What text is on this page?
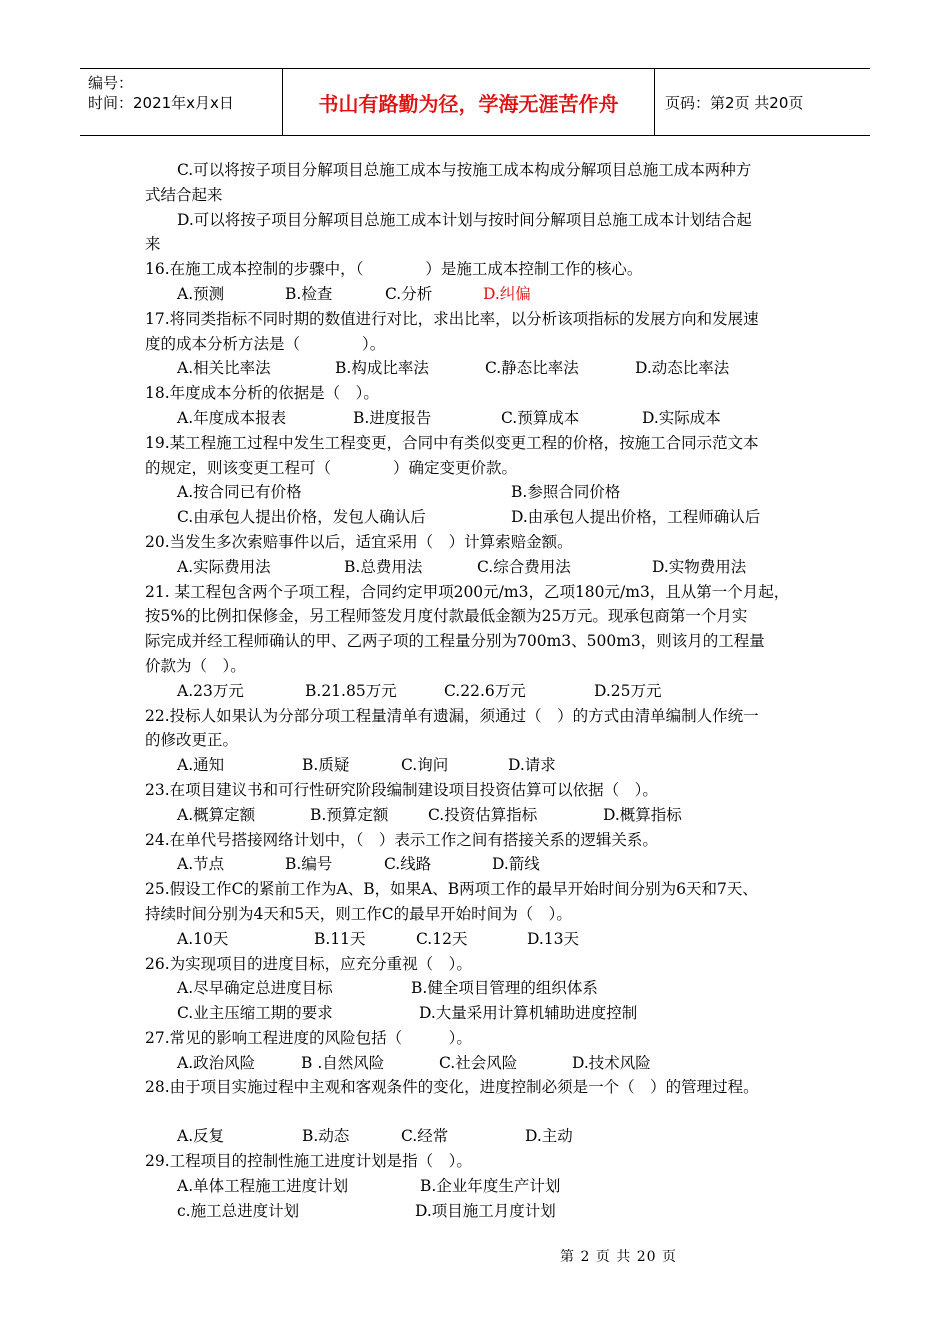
编号：
时间：2021年x月x日	书山有路勤为径，学海无涯苦作舟	页码：第2页 共20页

C.可以将按子项目分解项目总施工成本与按施工成本构成分解项目总施工成本两种方

式结合起来

D.可以将按子项目分解项目总施工成本计划与按时间分解项目总施工成本计划结合起

来

16.在施工成本控制的步骤中，（　　　　）是施工成本控制工作的核心。

A.预测	B.检查	C.分析	D.纠偏

17.将同类指标不同时期的数值进行对比，求出比率，以分析该项指标的发展方向和发展速

度的成本分析方法是（　　　　）。

A.相关比率法	B.构成比率法	C.静态比率法	D.动态比率法

18.年度成本分析的依据是（　）。

A.年度成本报表	B.进度报告	C.预算成本	D.实际成本

19.某工程施工过程中发生工程变更，合同中有类似变更工程的价格，按施工合同示范文本

的规定，则该变更工程可（　　　　）确定变更价款。

A.按合同已有价格	B.参照合同价格
C.由承包人提出价格，发包人确认后	D.由承包人提出价格，工程师确认后

20.当发生多次索赔事件以后，适宜采用（　）计算索赔金额。

A.实际费用法	B.总费用法	C.综合费用法	D.实物费用法

21. 某工程包含两个子项工程，合同约定甲项200元/m3，乙项180元/m3，且从第一个月起，

按5%的比例扣保修金，另工程师签发月度付款最低金额为25万元。现承包商第一个月实

际完成并经工程师确认的甲、乙两子项的工程量分别为700m3、500m3，则该月的工程量

价款为（　）。

A.23万元	B.21.85万元	C.22.6万元	D.25万元

22.投标人如果认为分部分项工程量清单有遗漏，须通过（　）的方式由清单编制人作统一

的修改更正。

A.通知	B.质疑	C.询问	D.请求

23.在项目建议书和可行性研究阶段编制建设项目投资估算可以依据（　）。

A.概算定额	B.预算定额	C.投资估算指标	D.概算指标

24.在单代号搭接网络计划中，（　）表示工作之间有搭接关系的逻辑关系。

A.节点	B.编号	C.线路	D.箭线

25.假设工作C的紧前工作为A、B，如果A、B两项工作的最早开始时间分别为6天和7天、

持续时间分别为4天和5天，则工作C的最早开始时间为（　）。

A.10天	B.11天	C.12天	D.13天

26.为实现项目的进度目标，应充分重视（　）。

A.尽早确定总进度目标	B.健全项目管理的组织体系
C.业主压缩工期的要求	D.大量采用计算机辅助进度控制

27.常见的影响工程进度的风险包括（　　　）。

A.政治风险	B .自然风险	C.社会风险	D.技术风险

28.由于项目实施过程中主观和客观条件的变化，进度控制必须是一个（　）的管理过程。

A.反复	B.动态	C.经常	D.主动

29.工程项目的控制性施工进度计划是指（　）。

A.单体工程施工进度计划	B.企业年度生产计划
c.施工总进度计划	D.项目施工月度计划
第 2 页 共 20 页
